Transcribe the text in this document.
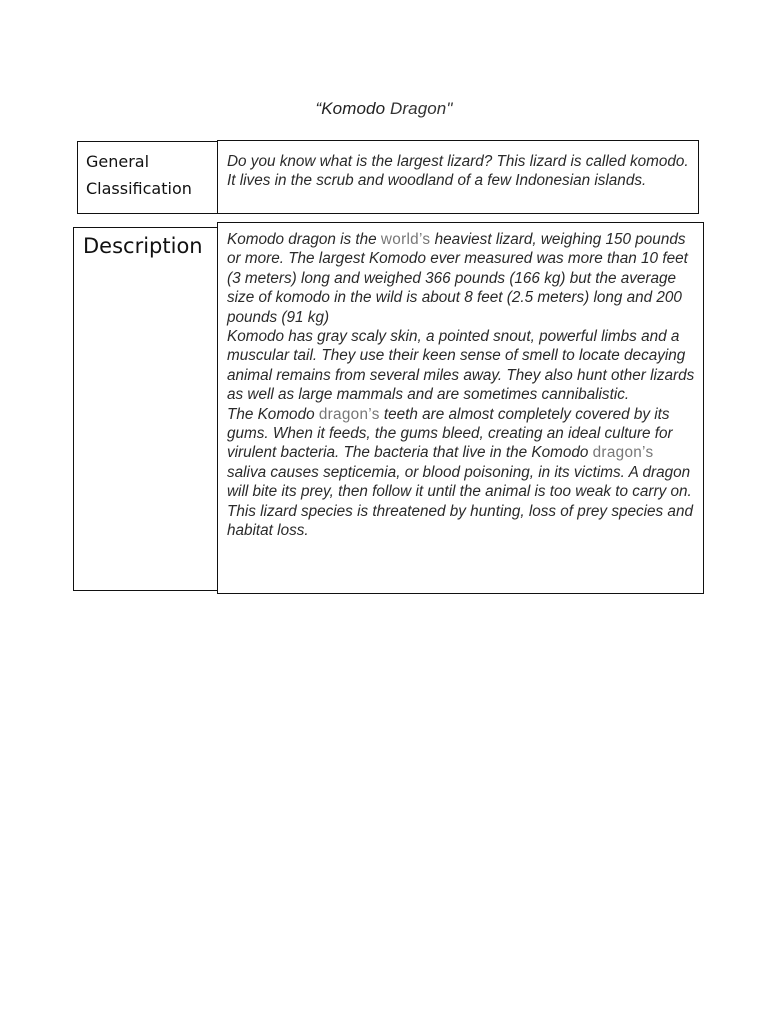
“Komodo Dragon"
General
Classification
Do you know what is the largest lizard? This lizard is called komodo. It lives in the scrub and woodland of a few Indonesian islands.
Description Komodo dragon is the world’s heaviest lizard, weighing 150 pounds or more. The largest Komodo ever measured was more than 10 feet (3 meters) long and weighed 366 pounds (166 kg) but the average size of komodo in the wild is about 8 feet (2.5 meters) long and 200 pounds (91 kg)
Komodo has gray scaly skin, a pointed snout, powerful limbs and a muscular tail. They use their keen sense of smell to locate decaying animal remains from several miles away. They also hunt other lizards as well as large mammals and are sometimes cannibalistic.
The Komodo dragon’s teeth are almost completely covered by its gums. When it feeds, the gums bleed, creating an ideal culture for virulent bacteria. The bacteria that live in the Komodo dragon’s saliva causes septicemia, or blood poisoning, in its victims. A dragon will bite its prey, then follow it until the animal is too weak to carry on.
This lizard species is threatened by hunting, loss of prey species and habitat loss.
